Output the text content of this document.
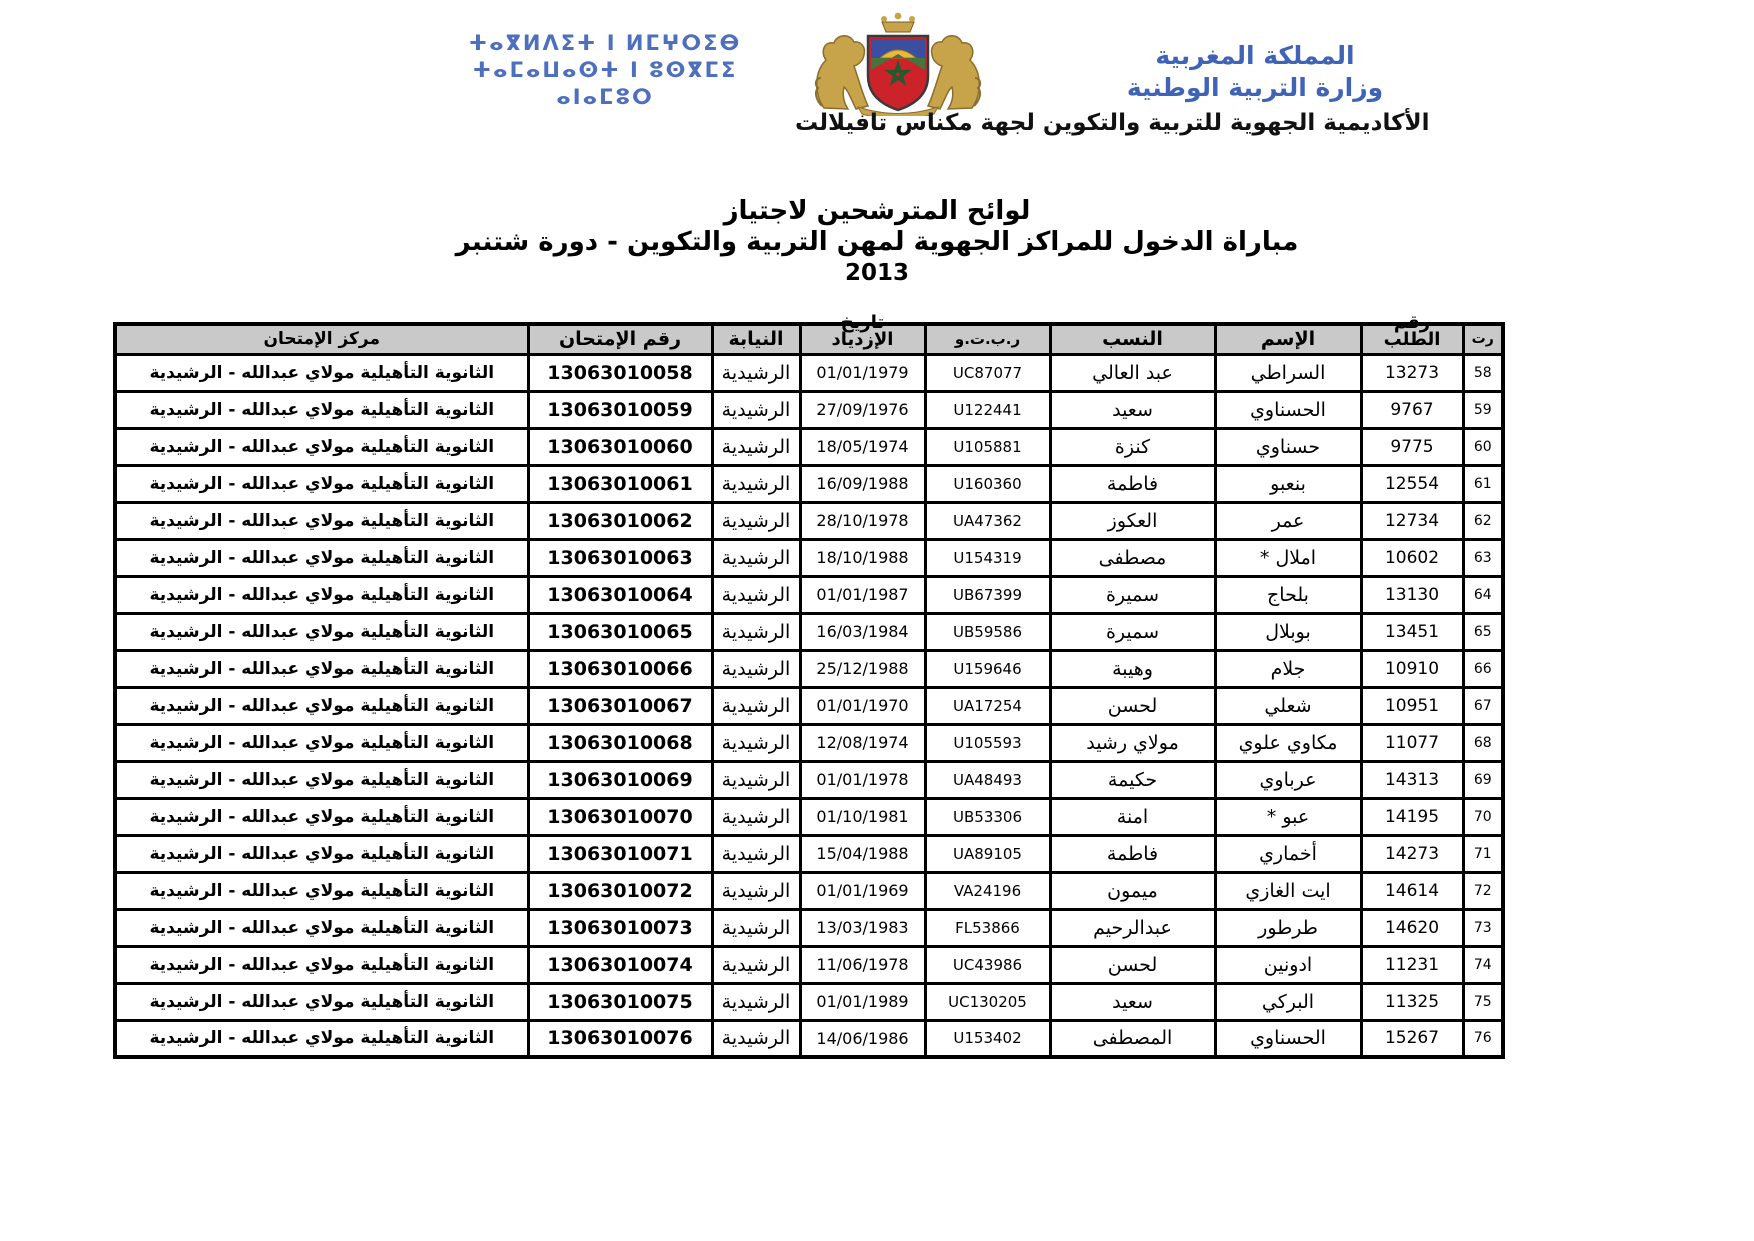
ⵜⴰⴳⵍⴷⵉⵜ ⵏ ⵍⵎⵖⵔⵉⴱ
ⵜⴰⵎⴰⵡⴰⵙⵜ ⵏ ⵓⵙⴳⵎⵉ
ⴰⵏⴰⵎⵓⵔ
المملكة المغربية
وزارة التربية الوطنية
الأكاديمية الجهوية للتربية والتكوين لجهة مكناس تافيلالت
لوائح المترشحين لاجتياز
مباراة الدخول للمراكز الجهوية لمهن التربية والتكوين - دورة شتنبر
2013
رت	رقم الطلب	الإسم	النسب	ر.ب.ت.و	تاريخ الإزدياد	النيابة	رقم الإمتحان	مركز الإمتحان
58	13273	السراطي	عبد العالي	UC87077	01/01/1979	الرشيدية	13063010058	الثانوية التأهيلية مولاي عبدالله - الرشيدية
59	9767	الحسناوي	سعيد	U122441	27/09/1976	الرشيدية	13063010059	الثانوية التأهيلية مولاي عبدالله - الرشيدية
60	9775	حسناوي	كنزة	U105881	18/05/1974	الرشيدية	13063010060	الثانوية التأهيلية مولاي عبدالله - الرشيدية
61	12554	بنعبو	فاطمة	U160360	16/09/1988	الرشيدية	13063010061	الثانوية التأهيلية مولاي عبدالله - الرشيدية
62	12734	عمر	العكوز	UA47362	28/10/1978	الرشيدية	13063010062	الثانوية التأهيلية مولاي عبدالله - الرشيدية
63	10602	املال *	مصطفى	U154319	18/10/1988	الرشيدية	13063010063	الثانوية التأهيلية مولاي عبدالله - الرشيدية
64	13130	بلحاج	سميرة	UB67399	01/01/1987	الرشيدية	13063010064	الثانوية التأهيلية مولاي عبدالله - الرشيدية
65	13451	بوبلال	سميرة	UB59586	16/03/1984	الرشيدية	13063010065	الثانوية التأهيلية مولاي عبدالله - الرشيدية
66	10910	جلام	وهيبة	U159646	25/12/1988	الرشيدية	13063010066	الثانوية التأهيلية مولاي عبدالله - الرشيدية
67	10951	شعلي	لحسن	UA17254	01/01/1970	الرشيدية	13063010067	الثانوية التأهيلية مولاي عبدالله - الرشيدية
68	11077	مكاوي علوي	مولاي رشيد	U105593	12/08/1974	الرشيدية	13063010068	الثانوية التأهيلية مولاي عبدالله - الرشيدية
69	14313	عرباوي	حكيمة	UA48493	01/01/1978	الرشيدية	13063010069	الثانوية التأهيلية مولاي عبدالله - الرشيدية
70	14195	عبو *	امنة	UB53306	01/10/1981	الرشيدية	13063010070	الثانوية التأهيلية مولاي عبدالله - الرشيدية
71	14273	أخماري	فاطمة	UA89105	15/04/1988	الرشيدية	13063010071	الثانوية التأهيلية مولاي عبدالله - الرشيدية
72	14614	ايت الغازي	ميمون	VA24196	01/01/1969	الرشيدية	13063010072	الثانوية التأهيلية مولاي عبدالله - الرشيدية
73	14620	طرطور	عبدالرحيم	FL53866	13/03/1983	الرشيدية	13063010073	الثانوية التأهيلية مولاي عبدالله - الرشيدية
74	11231	ادونين	لحسن	UC43986	11/06/1978	الرشيدية	13063010074	الثانوية التأهيلية مولاي عبدالله - الرشيدية
75	11325	البركي	سعيد	UC130205	01/01/1989	الرشيدية	13063010075	الثانوية التأهيلية مولاي عبدالله - الرشيدية
76	15267	الحسناوي	المصطفى	U153402	14/06/1986	الرشيدية	13063010076	الثانوية التأهيلية مولاي عبدالله - الرشيدية
